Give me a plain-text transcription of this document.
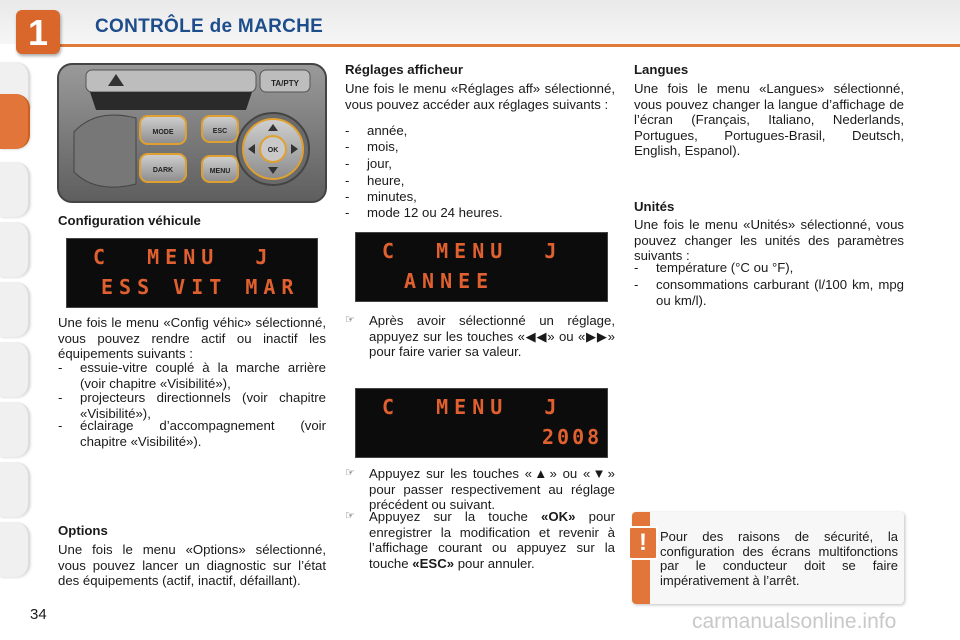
1	CONTRÔLE de MARCHE
TA/PTY
MODE
DARK
ESC
MENU
OK
Configuration véhicule
C  MENU  J
ESS VIT MAR
Une fois le menu «Config véhic» sélectionné, vous pouvez rendre actif ou inactif les équipements suivants :
-	essuie-vitre couplé à la marche arrière (voir chapitre «Visibilité»),
-	projecteurs directionnels (voir chapitre «Visibilité»),
-	éclairage d’accompagnement (voir chapitre «Visibilité»).
Options
Une fois le menu «Options» sélectionné, vous pouvez lancer un diagnostic sur l’état des équipements (actif, inactif, défaillant).
Réglages afficheur
Une fois le menu «Réglages aff» sélectionné, vous pouvez accéder aux réglages suivants :
-	année,
-	mois,
-	jour,
-	heure,
-	minutes,
-	mode 12 ou 24 heures.
C  MENU  J
ANNEE
☞	Après avoir sélectionné un réglage, appuyez sur les touches «◀◀» ou «▶▶» pour faire varier sa valeur.
C  MENU  J
2008
☞	Appuyez sur les touches «▲» ou «▼» pour passer respectivement au réglage précédent ou suivant.
☞	Appuyez sur la touche «OK» pour enregistrer la modification et revenir à l’affichage courant ou appuyez sur la touche «ESC» pour annuler.
Langues
Une fois le menu «Langues» sélectionné, vous pouvez changer la langue d’affichage de l’écran (Français, Italiano, Nederlands, Portugues, Portugues-Brasil, Deutsch, English, Espanol).
Unités
Une fois le menu «Unités» sélectionné, vous pouvez changer les unités des paramètres suivants :
-	température (°C ou °F),
-	consommations carburant (l/100 km, mpg ou km/l).
!	Pour des raisons de sécurité, la configuration des écrans multifonctions par le conducteur doit se faire impérativement à l’arrêt.
34	carmanualsonline.info
